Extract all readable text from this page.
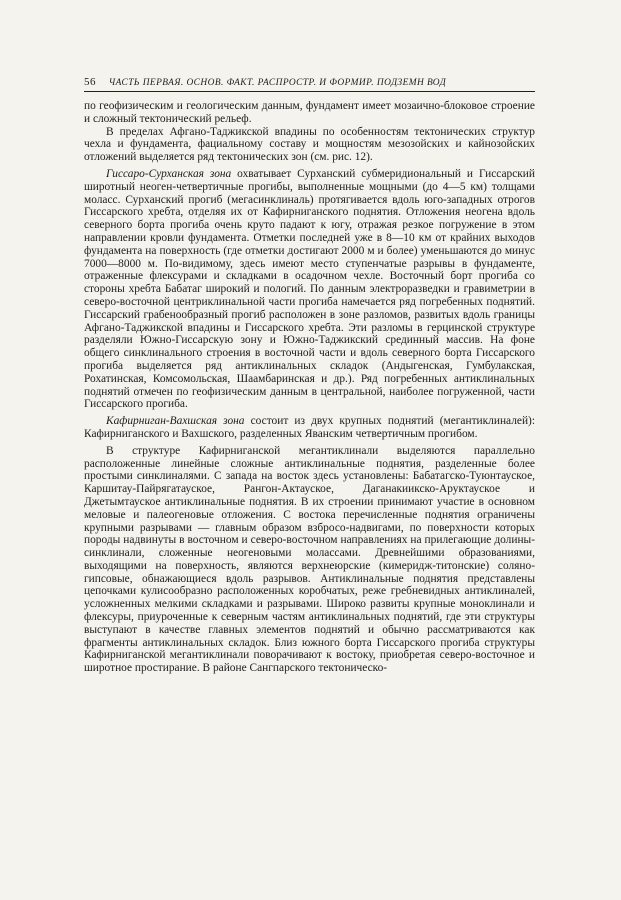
56 ЧАСТЬ ПЕРВАЯ. ОСНОВ. ФАКТ. РАСПРОСТР. И ФОРМИР. ПОДЗЕМН ВОД

по геофизическим и геологическим данным, фундамент имеет мозаично-блоковое строение и сложный тектонический рельеф.

В пределах Афгано-Таджикской впадины по особенностям тектонических структур чехла и фундамента, фациальному составу и мощностям мезозойских и кайнозойских отложений выделяется ряд тектонических зон (см. рис. 12).

Гиссаро-Сурханская зона охватывает Сурханский субмеридиональный и Гиссарский широтный неоген-четвертичные прогибы, выполненные мощными (до 4—5 км) толщами моласс. Сурханский прогиб (мегасинклиналь) протягивается вдоль юго-западных отрогов Гиссарского хребта, отделяя их от Кафирниганского поднятия. Отложения неогена вдоль северного борта прогиба очень круто падают к югу, отражая резкое погружение в этом направлении кровли фундамента. Отметки последней уже в 8—10 км от крайних выходов фундамента на поверхность (где отметки достигают 2000 м и более) уменьшаются до минус 7000—8000 м. По-видимому, здесь имеют место ступенчатые разрывы в фундаменте, отраженные флексурами и складками в осадочном чехле. Восточный борт прогиба со стороны хребта Бабатаг широкий и пологий. По данным электроразведки и гравиметрии в северо-восточной центриклинальной части прогиба намечается ряд погребенных поднятий. Гиссарский грабенообразный прогиб расположен в зоне разломов, развитых вдоль границы Афгано-Таджикской впадины и Гиссарского хребта. Эти разломы в герцинской структуре разделяли Южно-Гиссарскую зону и Южно-Таджикский срединный массив. На фоне общего синклинального строения в восточной части и вдоль северного борта Гиссарского прогиба выделяется ряд антиклинальных складок (Андыгенская, Гумбулакская, Рохатинская, Комсомольская, Шаамбаринская и др.). Ряд погребенных антиклинальных поднятий отмечен по геофизическим данным в центральной, наиболее погруженной, части Гиссарского прогиба.

Кафирниган-Вахшская зона состоит из двух крупных поднятий (мегантиклиналей): Кафирниганского и Вахшского, разделенных Яванским четвертичным прогибом.

В структуре Кафирниганской мегантиклинали выделяются параллельно расположенные линейные сложные антиклинальные поднятия, разделенные более простыми синклиналями. С запада на восток здесь установлены: Бабатагско-Туюнтауское, Каршитау-Пайрягатауское, Рангон-Актауское, Даганакиикско-Аруктауское и Джетымтауское антиклинальные поднятия. В их строении принимают участие в основном меловые и палеогеновые отложения. С востока перечисленные поднятия ограничены крупными разрывами — главным образом взбросо-надвигами, по поверхности которых породы надвинуты в восточном и северо-восточном направлениях на прилегающие долины-синклинали, сложенные неогеновыми молассами. Древнейшими образованиями, выходящими на поверхность, являются верхнеюрские (кимеридж-титонские) соляно-гипсовые, обнажающиеся вдоль разрывов. Антиклинальные поднятия представлены цепочками кулисообразно расположенных коробчатых, реже гребневидных антиклиналей, усложненных мелкими складками и разрывами. Широко развиты крупные моноклинали и флексуры, приуроченные к северным частям антиклинальных поднятий, где эти структуры выступают в качестве главных элементов поднятий и обычно рассматриваются как фрагменты антиклинальных складок. Близ южного борта Гиссарского прогиба структуры Кафирниганской мегантиклинали поворачивают к востоку, приобретая северо-восточное и широтное простирание. В районе Сангпарского тектоническо-
